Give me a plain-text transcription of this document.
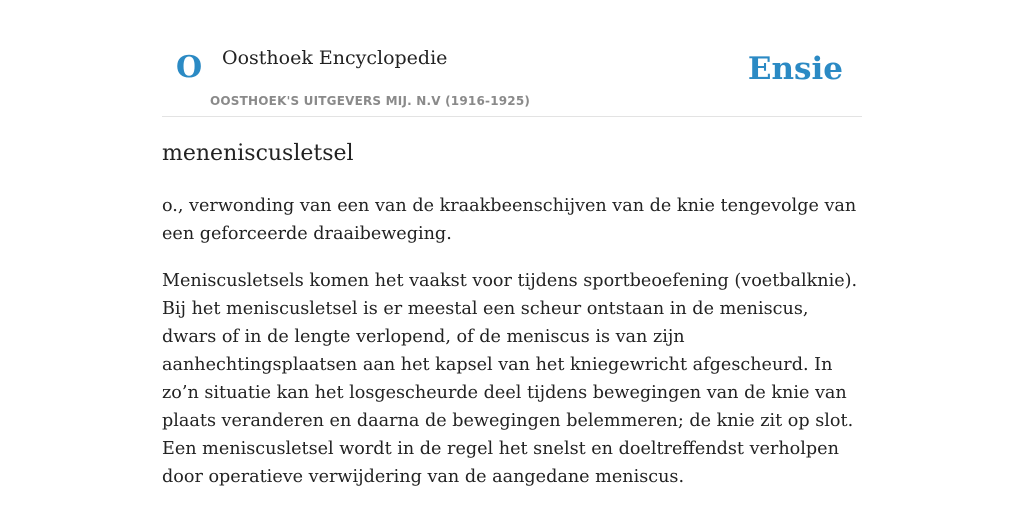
O Oosthoek Encyclopedie
OOSTHOEK'S UITGEVERS MIJ. N.V (1916-1925)
Ensie
meneniscusletsel

o., verwonding van een van de kraakbeenschijven van de knie tengevolge van een geforceerde draaibeweging.

Meniscusletsels komen het vaakst voor tijdens sportbeoefening (voetbalknie). Bij het meniscusletsel is er meestal een scheur ontstaan in de meniscus, dwars of in de lengte verlopend, of de meniscus is van zijn aanhechtingsplaatsen aan het kapsel van het kniegewricht afgescheurd. In zo’n situatie kan het losgescheurde deel tijdens bewegingen van de knie van plaats veranderen en daarna de bewegingen belemmeren; de knie zit op slot. Een meniscusletsel wordt in de regel het snelst en doeltreffendst verholpen door operatieve verwijdering van de aangedane meniscus.
